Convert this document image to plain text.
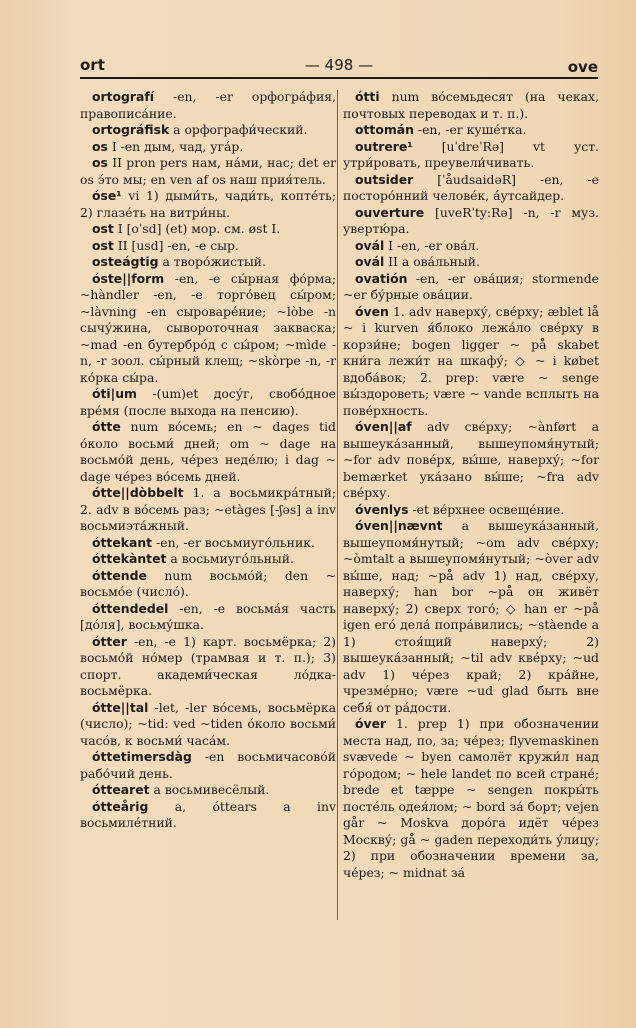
ort	— 498 —	ove

ortografí -en, -er орфогра́фия, правописа́ние.

ortográfisk a орфографи́ческий.

os I -en дым, чад, уга́р.

os II pron pers нам, на́ми, нас; det er os э́то мы; en ven af os наш прия́тель.

óse¹ vi 1) дыми́ть, чади́ть, копте́ть; 2) глазе́ть на витри́ны.

ost I [oˈsd] (et) мор. см. øst I.

ost II [usd] -en, -e сыр.

osteágtig a творо́жистый.

óste||form -en, -e сы́рная фо́рма; ~hàndler -en, -e торго́вец сы́ром; ~làvning -en сыроваре́ние; ~lòbe -n сычу́жина, сывороточная закваска; ~mad -en бутербро́д с сы́ром; ~mìde -n, -r зоол. сы́рный клещ; ~skòrpe -n, -r ко́рка сы́ра.

óti|um -(um)et досу́г, свобо́дное вре́мя (после выхода на пенсию).

ótte num во́семь; en ~ dages tid о́коло восьми́ дней; om ~ dage на восьмо́й день, че́рез неде́лю; i dag ~ dage че́рез во́семь дней.

ótte||dòbbelt 1. a восьмикра́тный; 2. adv в во́семь раз; ~etàges [-ʃəs] a inv восьмиэта́жный.

óttekant -en, -er восьмиуго́льник.

óttekàntet a восьмиуго́льный.

óttende num восьмо́й; den ~ восьмо́е (число́).

óttendedel -en, -e восьма́я часть [до́ля], восьму́шка.

ótter -en, -e 1) карт. восьмёрка; 2) восьмо́й но́мер (трамвая и т. п.); 3) спорт. академи́ческая ло́дка-восьмёрка.

ótte||tal -let, -ler во́семь, восьмёрка (число); ~tid: ved ~tiden о́коло восьми́ часо́в, к восьми́ часа́м.

óttetimersdàg -en восьмичасово́й рабо́чий день.

óttearet a восьмивесёлый.

ótteårig a, óttears a inv восьмиле́тний.

ótti num во́семьдесят (на чеках, почтовых переводах и т. п.).

ottomán -en, -er куше́тка.

outrere¹ [uˈdreˈRə] vt уст. утри́ровать, преувели́чивать.

outsider [ˈåudsaidəR] -en, -e посторо́нний челове́к, а́утсайдер.

ouverture [uveRˈty:Rə] -n, -r муз. увертю́ра.

ovál I -en, -er ова́л.

ovál II a ова́льный.

ovatión -en, -er ова́ция; stormende ~er бу́рные ова́ции.

óven 1. adv наверху́, све́рху; æblet lå ~ i kurven я́блоко лежа́ло све́рху в корзи́не; bogen ligger ~ på skabet кни́га лежи́т на шкафу́; ◇ ~ i købet вдоба́вок; 2. prep: være ~ senge вы́здороветь; være ~ vande всплыть на пове́рхность.

óven||af adv све́рху; ~ànført a вышеука́занный, вышеупомя́нутый; ~for adv пове́рх, вы́ше, наверху́; ~for bemærket ука́зано вы́ше; ~fra adv све́рху.

óvenlys -et ве́рхнее освеще́ние.

óven||nævnt a вышеука́занный, вышеупомя́нутый; ~om adv све́рху; ~òmtalt a вышеупомя́нутый; ~òver adv вы́ше, над; ~på adv 1) над, све́рху, наверху́; han bor ~på он живёт наверху́; 2) сверх того́; ◇ han er ~på igen его́ дела́ попра́вились; ~stàende a 1) стоя́щий наверху́; 2) вышеука́занный; ~til adv кве́рху; ~ud adv 1) че́рез край; 2) кра́йне, чрезме́рно; være ~ud glad быть вне себя́ от ра́дости.

óver 1. prep 1) при обозначении места над, по, за; че́рез; flyvemaskinen svævede ~ byen самолёт кружи́л над го́родом; ~ hele landet по всей стране́; brede et tæppe ~ sengen покры́ть посте́ль одея́лом; ~ bord за́ борт; vejen går ~ Moskva доро́га идёт че́рез Москву́; gå ~ gaden переходи́ть у́лицу; 2) при обозначении времени за, че́рез; ~ midnat за́
